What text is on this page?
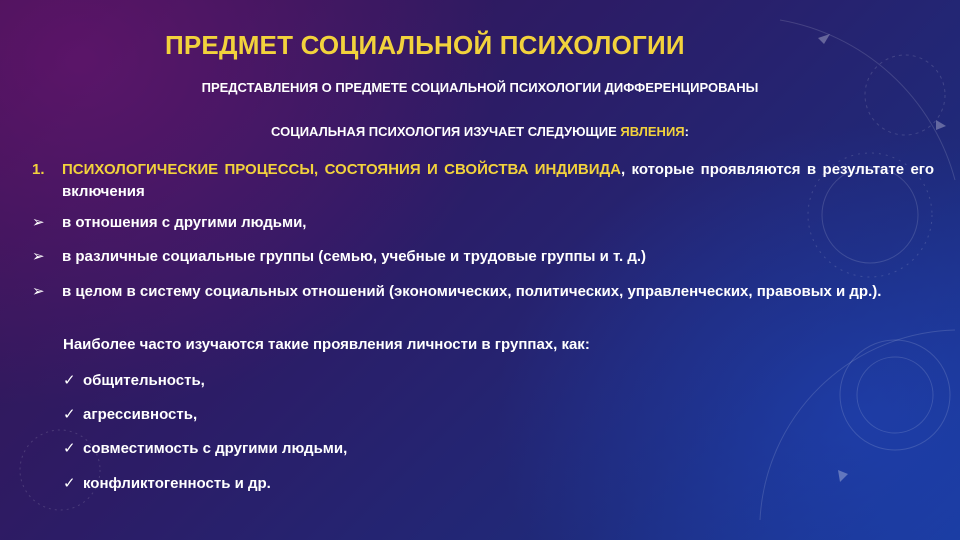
ПРЕДМЕТ СОЦИАЛЬНОЙ ПСИХОЛОГИИ
ПРЕДСТАВЛЕНИЯ О ПРЕДМЕТЕ СОЦИАЛЬНОЙ ПСИХОЛОГИИ ДИФФЕРЕНЦИРОВАНЫ
СОЦИАЛЬНАЯ ПСИХОЛОГИЯ ИЗУЧАЕТ СЛЕДУЮЩИЕ ЯВЛЕНИЯ:
1. ПСИХОЛОГИЧЕСКИЕ ПРОЦЕССЫ, СОСТОЯНИЯ И СВОЙСТВА ИНДИВИДА, которые проявляются в результате его включения
➢ в отношения с другими людьми,
➢ в различные социальные группы (семью, учебные и трудовые группы и т. д.)
➢ в целом в систему социальных отношений (экономических, политических, управленческих, правовых и др.).
Наиболее часто изучаются такие проявления личности в группах, как:
✓ общительность,
✓ агрессивность,
✓ совместимость с другими людьми,
✓ конфликтогенность и др.
